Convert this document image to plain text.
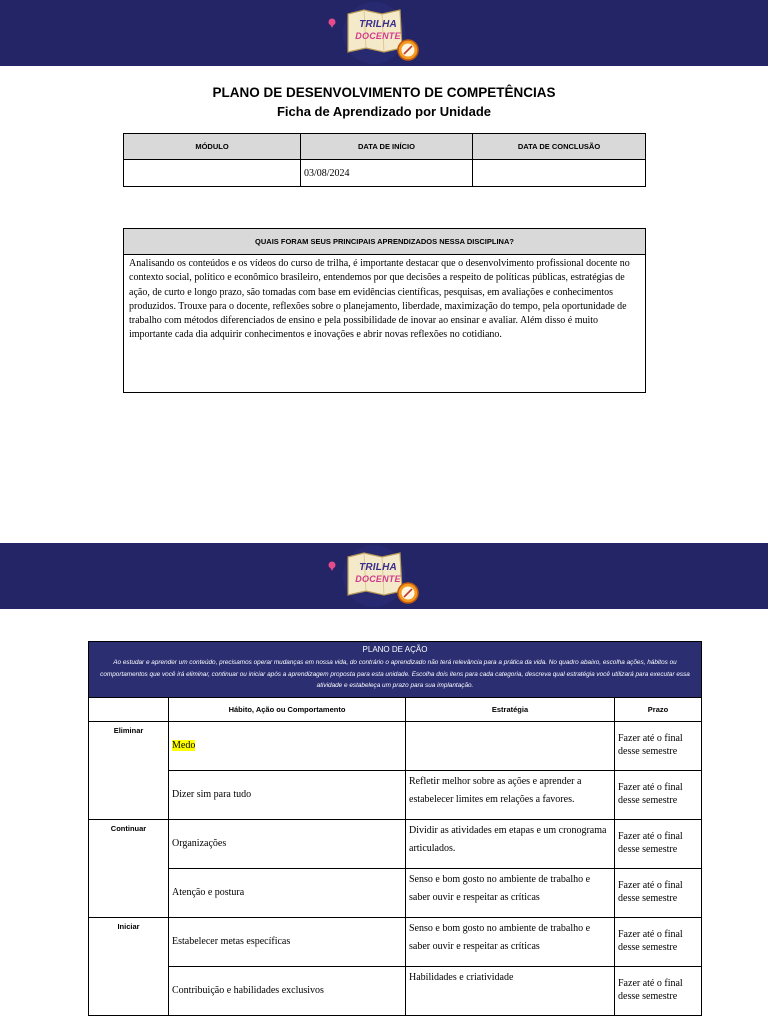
TRILHA
DOCENTE
PLANO DE DESENVOLVIMENTO DE COMPETÊNCIAS
Ficha de Aprendizado por Unidade
MÓDULO	DATA DE INÍCIO	DATA DE CONCLUSÃO
	03/08/2024	
QUAIS FORAM SEUS PRINCIPAIS APRENDIZADOS NESSA DISCIPLINA?
Analisando os conteúdos e os vídeos do curso de trilha, é importante destacar que o desenvolvimento profissional docente no contexto social, político e econômico brasileiro, entendemos por que decisões a respeito de políticas públicas, estratégias de ação, de curto e longo prazo, são tomadas com base em evidências científicas, pesquisas, em avaliações e conhecimentos produzidos. Trouxe para o docente, reflexões sobre o planejamento, liberdade, maximização do tempo, pela oportunidade de trabalho com métodos diferenciados de ensino e pela possibilidade de inovar ao ensinar e avaliar. Além disso é muito importante cada dia adquirir conhecimentos e inovações e abrir novas reflexões no cotidiano.
TRILHA
DOCENTE
PLANO DE AÇÃO
Ao estudar e aprender um conteúdo, precisamos operar mudanças em nossa vida, do contrário o aprendizado não terá relevância para a prática da vida. No quadro abaixo, escolha ações, hábitos ou comportamentos que você irá eliminar, continuar ou iniciar após a aprendizagem proposta para esta unidade. Escolha dois itens para cada categoria, descreva qual estratégia você utilizará para executar essa atividade e estabeleça um prazo para sua implantação.			

	Hábito, Ação ou Comportamento	Estratégia	Prazo
Eliminar	Medo		Fazer até o final desse semestre
	Dizer sim para tudo	Refletir melhor sobre as ações e aprender a estabelecer limites em relações a favores.	Fazer até o final desse semestre
Continuar	Organizações	Dividir as atividades em etapas e um cronograma articulados.	Fazer até o final desse semestre
	Atenção e postura	Senso e bom gosto no ambiente de trabalho e saber ouvir e respeitar as críticas	Fazer até o final desse semestre
Iniciar	Estabelecer metas específicas	Senso e bom gosto no ambiente de trabalho e saber ouvir e respeitar as críticas	Fazer até o final desse semestre
	Contribuição e habilidades exclusivos	Habilidades e criatividade	Fazer até o final desse semestre
